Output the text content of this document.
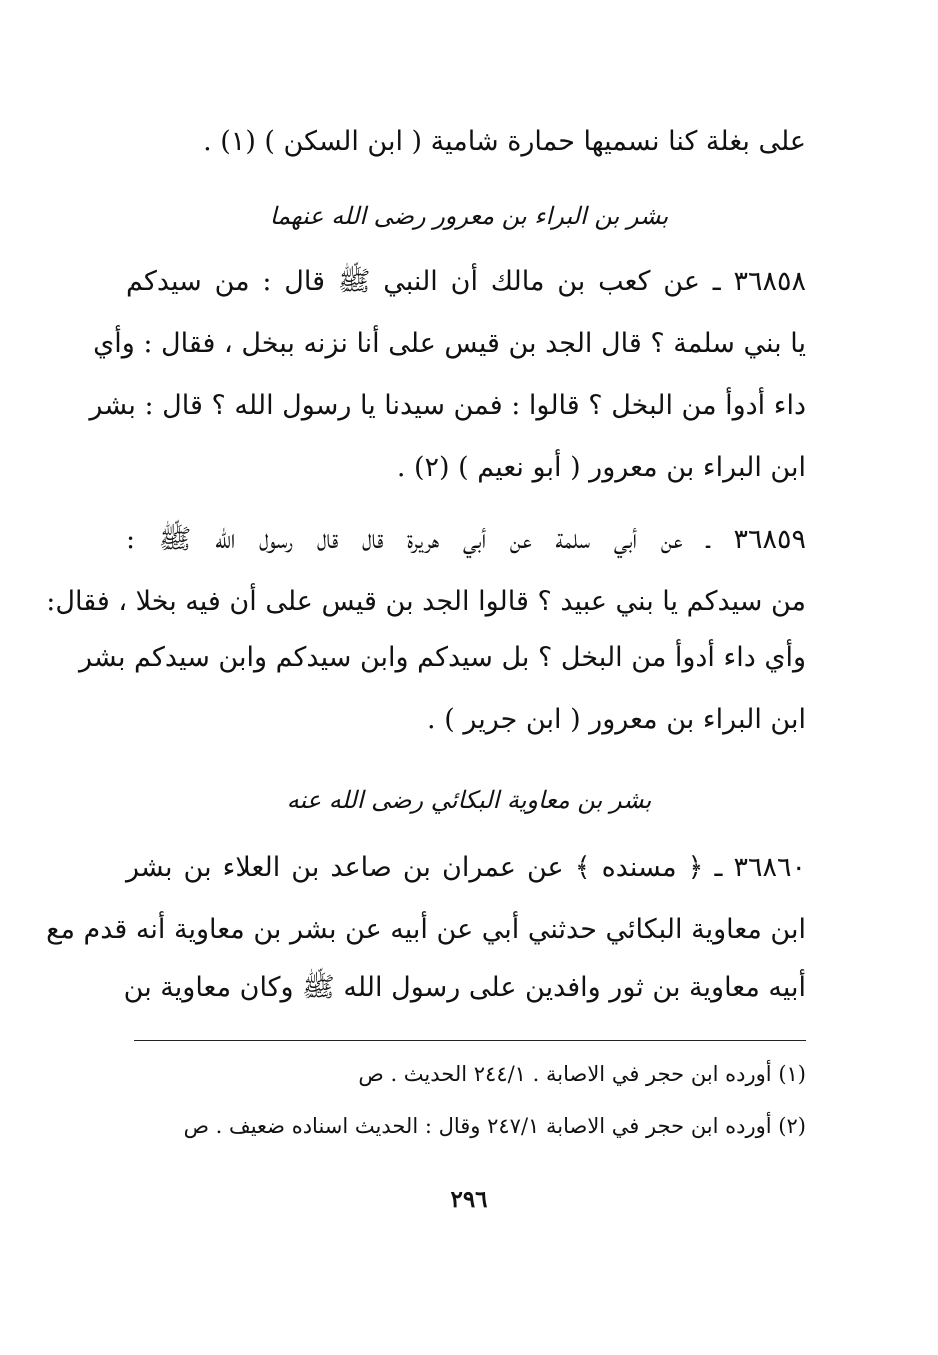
على بغلة كنا نسميها حمارة شامية ( ابن السكن ) (١) .
بشر بن البراء بن معرور رضى الله عنهما
٣٦٨٥٨ ـ عن كعب بن مالك أن النبي ﷺ قال : من سيدكم
يا بني سلمة ؟ قال الجد بن قيس على أنا نزنه ببخل ، فقال : وأي
داء أدوأ من البخل ؟ قالوا : فمن سيدنا يا رسول الله ؟ قال : بشر
ابن البراء بن معرور ( أبو نعيم ) (٢) .
٣٦٨٥٩ ـ عن أبي سلمة عن أبي هريرة قال قال رسول الله ﷺ :
من سيدكم يا بني عبيد ؟ قالوا الجد بن قيس على أن فيه بخلا ، فقال:
وأي داء أدوأ من البخل ؟ بل سيدكم وابن سيدكم وابن سيدكم بشر
ابن البراء بن معرور ( ابن جرير ) .
بشر بن معاوية البكائي رضى الله عنه
٣٦٨٦٠ ـ ﴿ مسنده ﴾ عن عمران بن صاعد بن العلاء بن بشر
ابن معاوية البكائي حدثني أبي عن أبيه عن بشر بن معاوية أنه قدم مع
أبيه معاوية بن ثور وافدين على رسول الله ﷺ وكان معاوية بن
(١) أورده ابن حجر في الاصابة . ٢٤٤/١ الحديث . ص
(٢) أورده ابن حجر في الاصابة ٢٤٧/١ وقال : الحديث اسناده ضعيف . ص
٢٩٦
